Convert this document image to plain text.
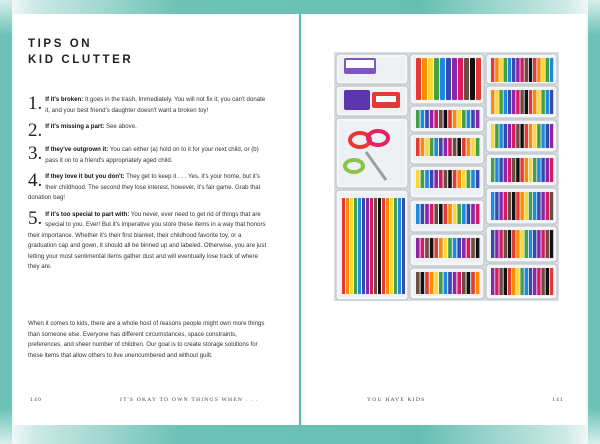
TIPS ON
KID CLUTTER
1. If it's broken: It goes in the trash. Immediately. You will not fix it, you can't donate it, and your best friend's daughter doesn't want a broken toy!
2. If it's missing a part: See above.
3. If they've outgrown it: You can either (a) hold on to it for your next child, or (b) pass it on to a friend's appropriately aged child.
4. If they love it but you don't: They get to keep it . . . Yes, it's your home, but it's their childhood. The second they lose interest, however, it's fair game. Grab that donation bag!
5. If it's too special to part with: You never, ever need to get rid of things that are special to you. Ever! But it's imperative you store these items in a way that honors their importance. Whether it's their first blanket, their childhood favorite toy, or a graduation cap and gown, it should all be binned up and labeled. Otherwise, you are just letting your most sentimental items gather dust and will eventually lose track of where they are.

When it comes to kids, there are a whole host of reasons people might own more things than someone else. Everyone has different circumstances, space constraints, preferences, and sheer number of children. Our goal is to create storage solutions for these items that allow others to live unencumbered and without guilt.

140	IT'S OKAY TO OWN THINGS WHEN . . .	YOU HAVE KIDS	141
